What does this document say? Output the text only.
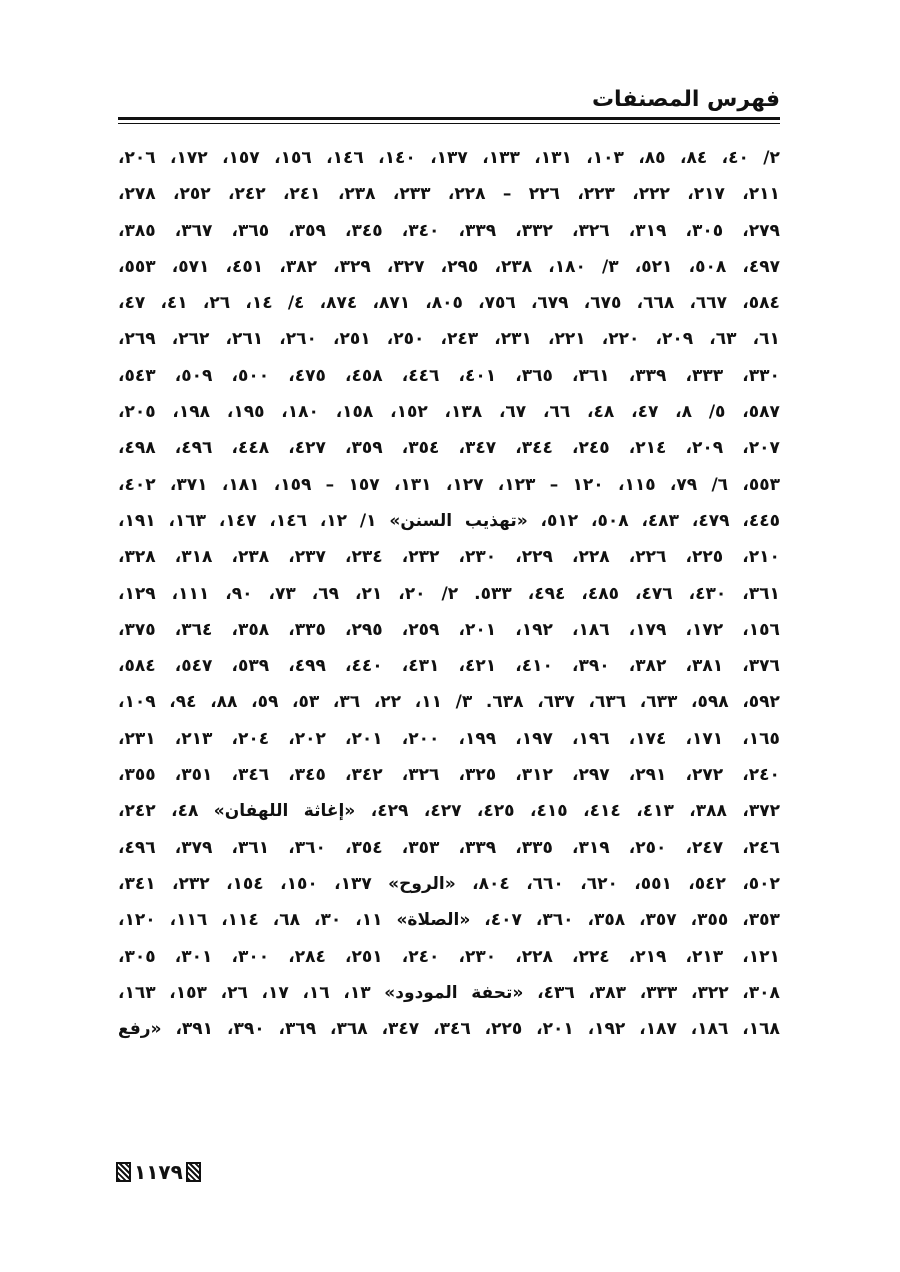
فهرس المصنفات
٢/ ٤٠، ٨٤، ٨٥، ١٠٣، ١٣١، ١٣٣، ١٣٧، ١٤٠، ١٤٦، ١٥٦، ١٥٧، ١٧٢، ٢٠٦،
٢١١، ٢١٧، ٢٢٢، ٢٢٣، ٢٢٦ – ٢٢٨، ٢٣٣، ٢٣٨، ٢٤١، ٢٤٢، ٢٥٢، ٢٧٨،
٢٧٩، ٣٠٥، ٣١٩، ٣٢٦، ٣٣٢، ٣٣٩، ٣٤٠، ٣٤٥، ٣٥٩، ٣٦٥، ٣٦٧، ٣٨٥،
٤٩٧، ٥٠٨، ٥٢١، ٣/ ١٨٠، ٢٣٨، ٢٩٥، ٣٢٧، ٣٢٩، ٣٨٢، ٤٥١، ٥٧١، ٥٥٣،
٥٨٤، ٦٦٧، ٦٦٨، ٦٧٥، ٦٧٩، ٧٥٦، ٨٠٥، ٨٧١، ٨٧٤، ٤/ ١٤، ٢٦، ٤١، ٤٧،
٦١، ٦٣، ٢٠٩، ٢٢٠، ٢٢١، ٢٣١، ٢٤٣، ٢٥٠، ٢٥١، ٢٦٠، ٢٦١، ٢٦٢، ٢٦٩،
٣٣٠، ٣٣٣، ٣٣٩، ٣٦١، ٣٦٥، ٤٠١، ٤٤٦، ٤٥٨، ٤٧٥، ٥٠٠، ٥٠٩، ٥٤٣،
٥٨٧، ٥/ ٨، ٤٧، ٤٨، ٦٦، ٦٧، ١٣٨، ١٥٢، ١٥٨، ١٨٠، ١٩٥، ١٩٨، ٢٠٥،
٢٠٧، ٢٠٩، ٢١٤، ٢٤٥، ٣٤٤، ٣٤٧، ٣٥٤، ٣٥٩، ٤٢٧، ٤٤٨، ٤٩٦، ٤٩٨،
٥٥٣، ٦/ ٧٩، ١١٥، ١٢٠ – ١٢٣، ١٢٧، ١٣١، ١٥٧ – ١٥٩، ١٨١، ٣٧١، ٤٠٢،
٤٤٥، ٤٧٩، ٤٨٣، ٥٠٨، ٥١٢، «تهذيب السنن» ١/ ١٢، ١٤٦، ١٤٧، ١٦٣، ١٩١،
٢١٠، ٢٢٥، ٢٢٦، ٢٢٨، ٢٢٩، ٢٣٠، ٢٣٢، ٢٣٤، ٢٣٧، ٢٣٨، ٣١٨، ٣٢٨،
٣٦١، ٤٣٠، ٤٧٦، ٤٨٥، ٤٩٤، ٥٣٣. ٢/ ٢٠، ٢١، ٦٩، ٧٣، ٩٠، ١١١، ١٢٩،
١٥٦، ١٧٢، ١٧٩، ١٨٦، ١٩٢، ٢٠١، ٢٥٩، ٢٩٥، ٣٣٥، ٣٥٨، ٣٦٤، ٣٧٥،
٣٧٦، ٣٨١، ٣٨٢، ٣٩٠، ٤١٠، ٤٢١، ٤٣١، ٤٤٠، ٤٩٩، ٥٣٩، ٥٤٧، ٥٨٤،
٥٩٢، ٥٩٨، ٦٣٣، ٦٣٦، ٦٣٧، ٦٣٨. ٣/ ١١، ٢٢، ٣٦، ٥٣، ٥٩، ٨٨، ٩٤، ١٠٩،
١٦٥، ١٧١، ١٧٤، ١٩٦، ١٩٧، ١٩٩، ٢٠٠، ٢٠١، ٢٠٢، ٢٠٤، ٢١٣، ٢٣١،
٢٤٠، ٢٧٢، ٢٩١، ٢٩٧، ٣١٢، ٣٢٥، ٣٢٦، ٣٤٢، ٣٤٥، ٣٤٦، ٣٥١، ٣٥٥،
٣٧٢، ٣٨٨، ٤١٣، ٤١٤، ٤١٥، ٤٢٥، ٤٢٧، ٤٢٩، «إغاثة اللهفان» ٤٨، ٢٤٢،
٢٤٦، ٢٤٧، ٢٥٠، ٣١٩، ٣٣٥، ٣٣٩، ٣٥٣، ٣٥٤، ٣٦٠، ٣٦١، ٣٧٩، ٤٩٦،
٥٠٢، ٥٤٢، ٥٥١، ٦٢٠، ٦٦٠، ٨٠٤، «الروح» ١٣٧، ١٥٠، ١٥٤، ٢٣٢، ٣٤١،
٣٥٣، ٣٥٥، ٣٥٧، ٣٥٨، ٣٦٠، ٤٠٧، «الصلاة» ١١، ٣٠، ٦٨، ١١٤، ١١٦، ١٢٠،
١٢١، ٢١٣، ٢١٩، ٢٢٤، ٢٢٨، ٢٣٠، ٢٤٠، ٢٥١، ٢٨٤، ٣٠٠، ٣٠١، ٣٠٥،
٣٠٨، ٣٢٢، ٣٣٣، ٣٨٣، ٤٣٦، «تحفة المودود» ١٣، ١٦، ١٧، ٢٦، ١٥٣، ١٦٣،
١٦٨، ١٨٦، ١٨٧، ١٩٢، ٢٠١، ٢٢٥، ٣٤٦، ٣٤٧، ٣٦٨، ٣٦٩، ٣٩٠، ٣٩١، «رفع
١١٧٩
